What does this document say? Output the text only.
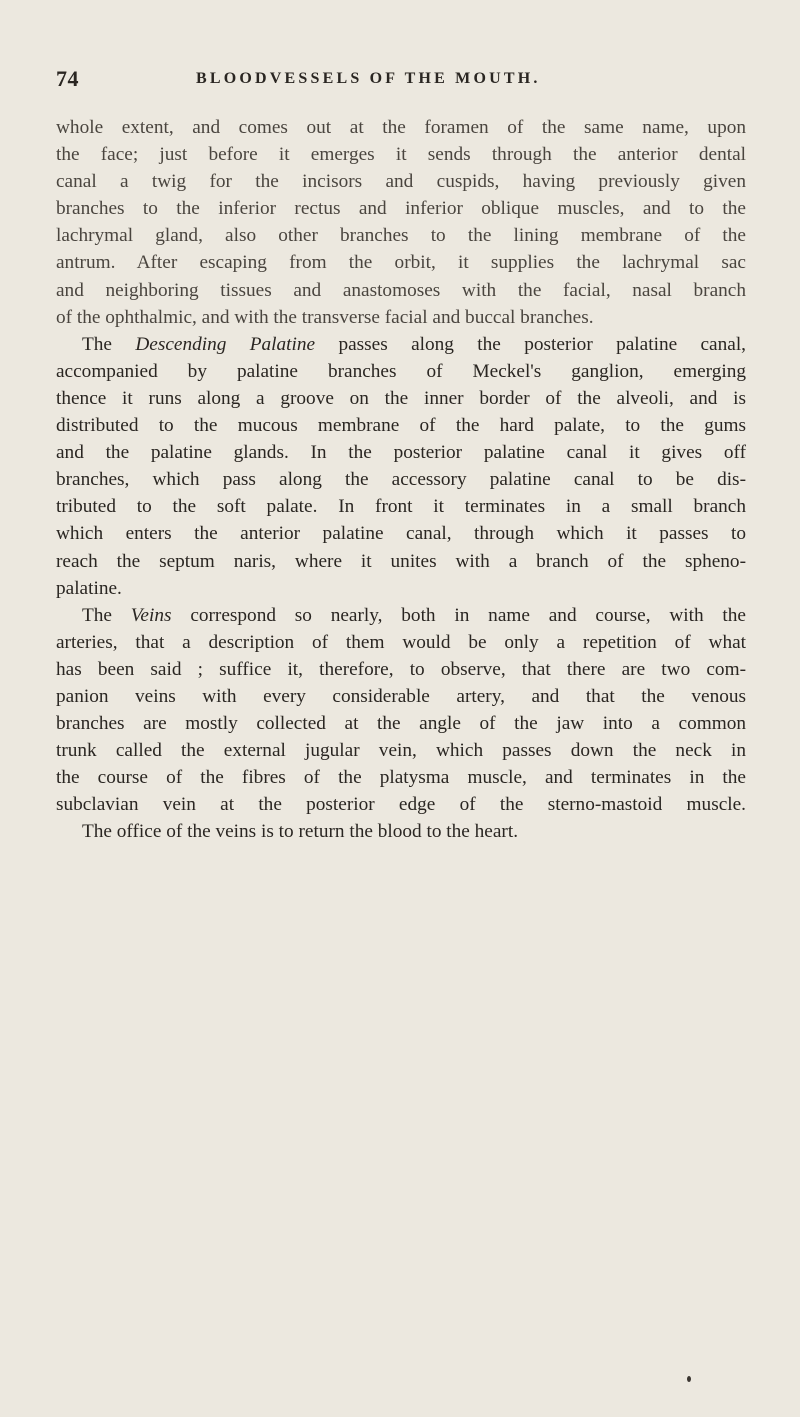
74	BLOODVESSELS OF THE MOUTH.

whole extent, and comes out at the foramen of the same name, upon
the face; just before it emerges it sends through the anterior dental
canal a twig for the incisors and cuspids, having previously given
branches to the inferior rectus and inferior oblique muscles, and to the
lachrymal gland, also other branches to the lining membrane of the
antrum. After escaping from the orbit, it supplies the lachrymal sac
and neighboring tissues and anastomoses with the facial, nasal branch
of the ophthalmic, and with the transverse facial and buccal branches.

The Descending Palatine passes along the posterior palatine canal,
accompanied by palatine branches of Meckel's ganglion, emerging
thence it runs along a groove on the inner border of the alveoli, and is
distributed to the mucous membrane of the hard palate, to the gums
and the palatine glands. In the posterior palatine canal it gives off
branches, which pass along the accessory palatine canal to be dis-
tributed to the soft palate. In front it terminates in a small branch
which enters the anterior palatine canal, through which it passes to
reach the septum naris, where it unites with a branch of the spheno-
palatine.

The Veins correspond so nearly, both in name and course, with the
arteries, that a description of them would be only a repetition of what
has been said ; suffice it, therefore, to observe, that there are two com-
panion veins with every considerable artery, and that the venous
branches are mostly collected at the angle of the jaw into a common
trunk called the external jugular vein, which passes down the neck in
the course of the fibres of the platysma muscle, and terminates in the
subclavian vein at the posterior edge of the sterno-mastoid muscle.
The office of the veins is to return the blood to the heart.
